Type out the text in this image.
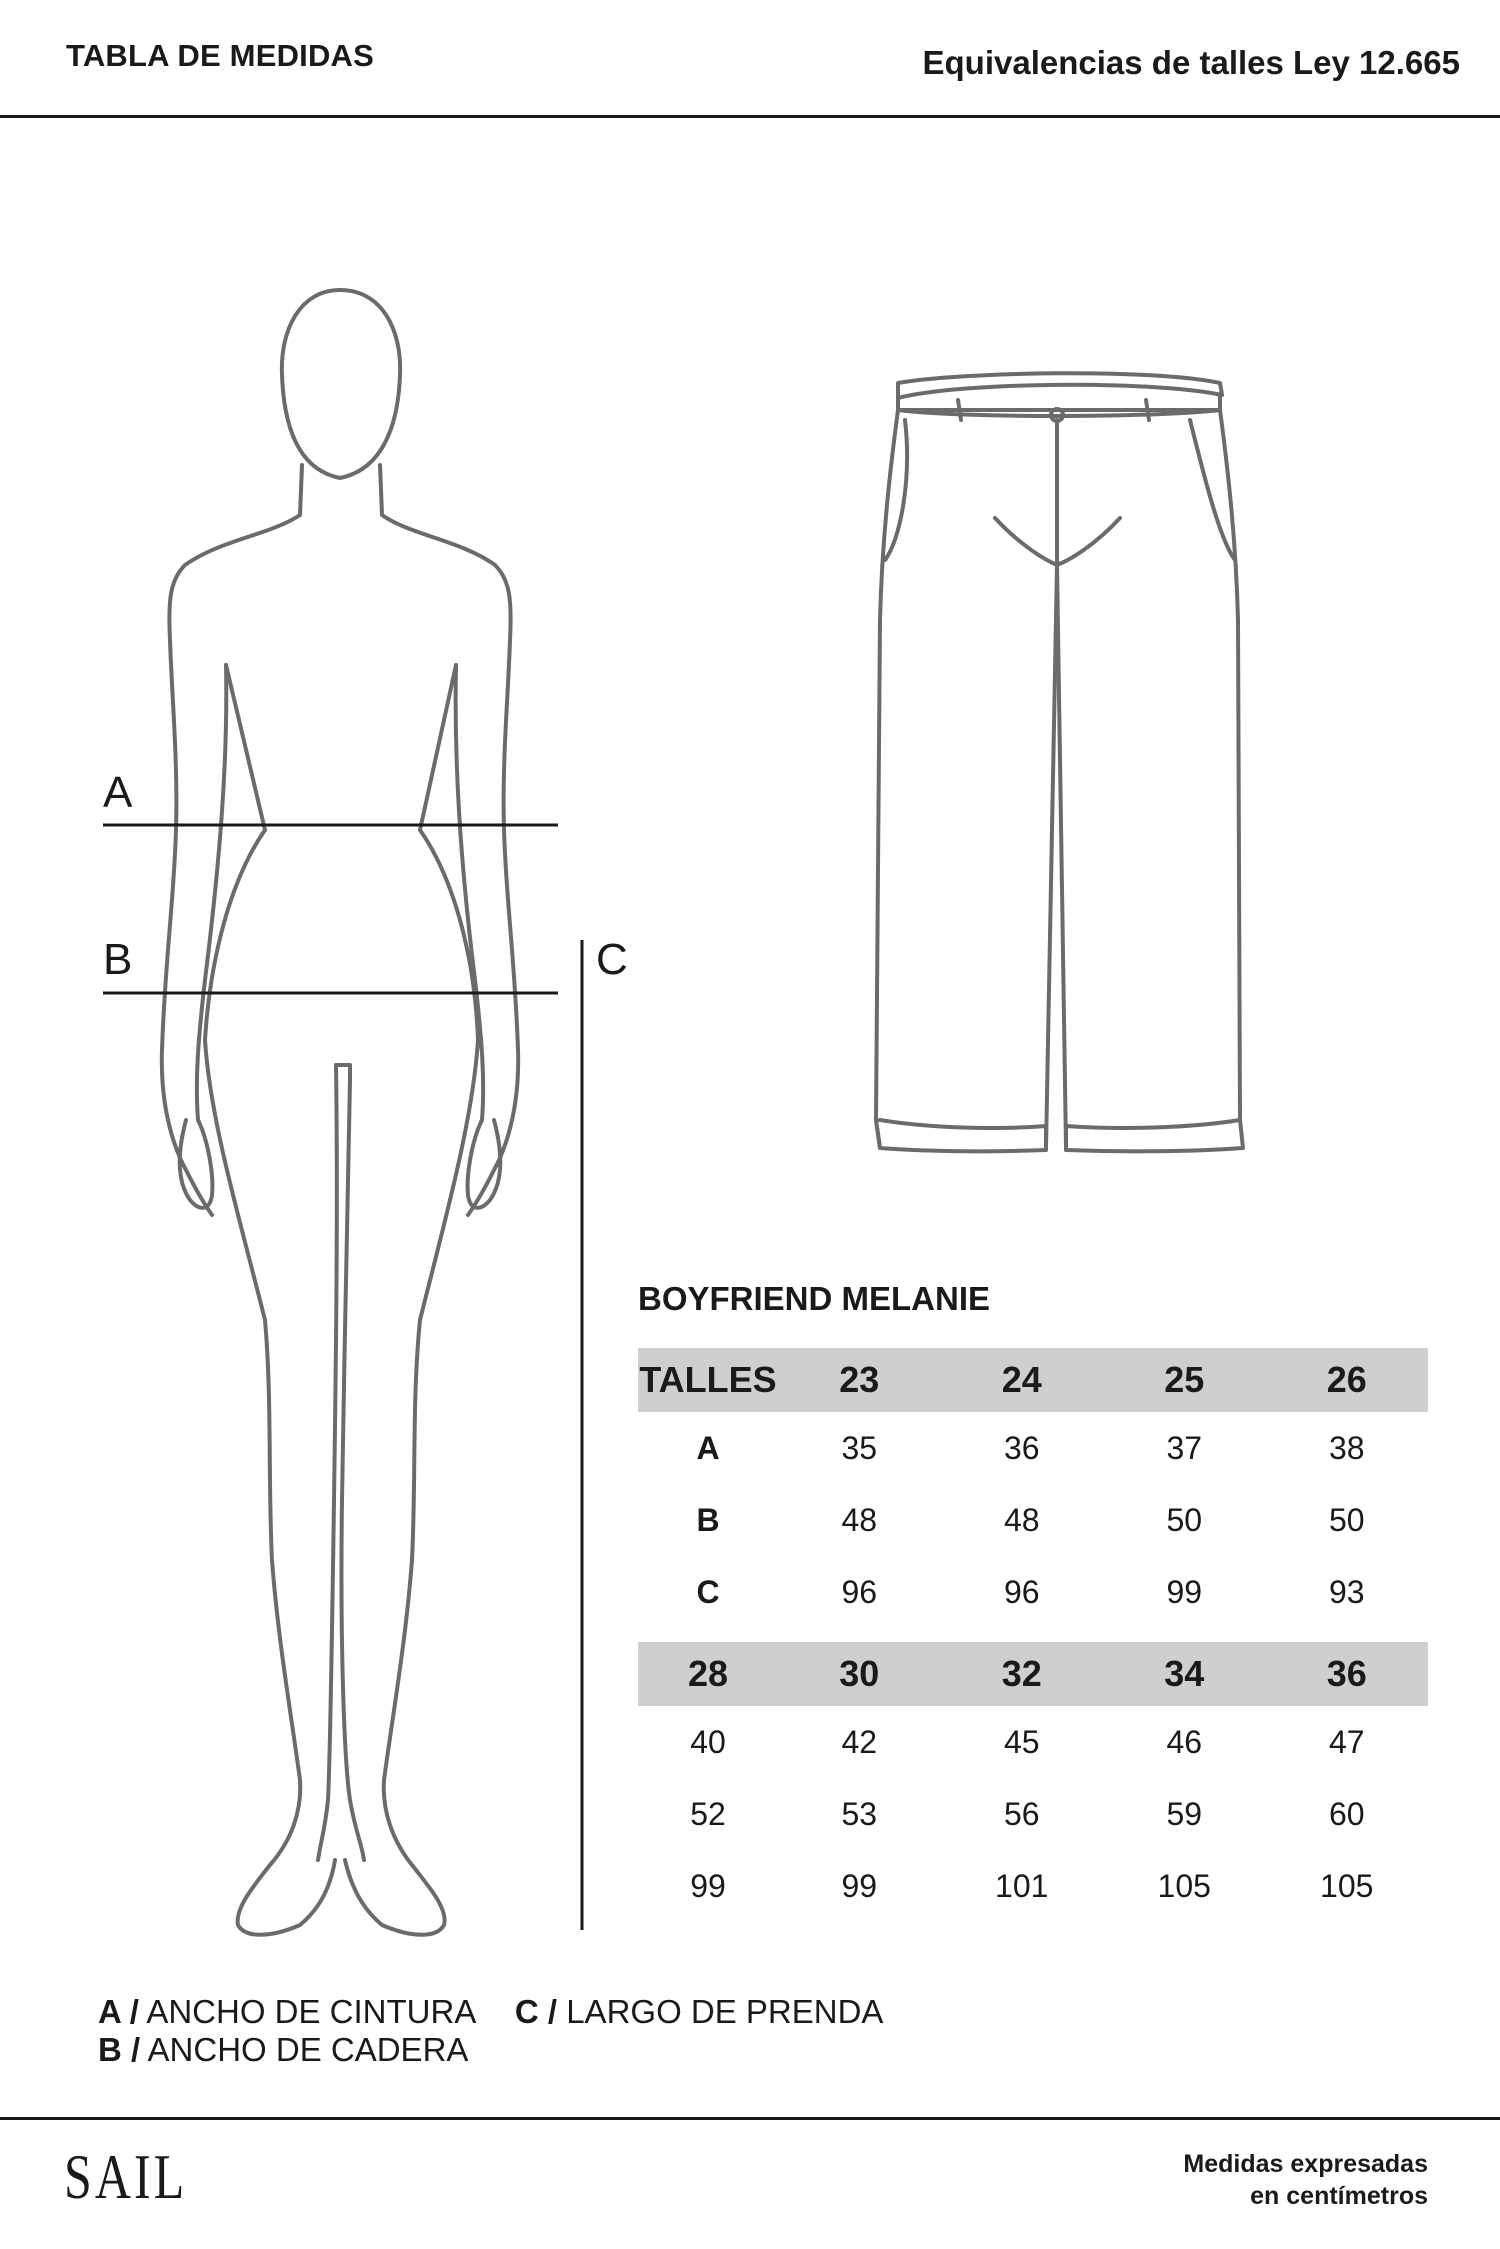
TABLA DE MEDIDAS	Equivalencias de talles Ley 12.665
A
B	C
BOYFRIEND MELANIE
TALLES	23	24	25	26
A	35	36	37	38
B	48	48	50	50
C	96	96	99	93

28	30	32	34	36
40	42	45	46	47
52	53	56	59	60
99	99	101	105	105
A / ANCHO DE CINTURA C / LARGO DE PRENDA
B / ANCHO DE CADERA
SAIL	Medidas expresadas
en centímetros
